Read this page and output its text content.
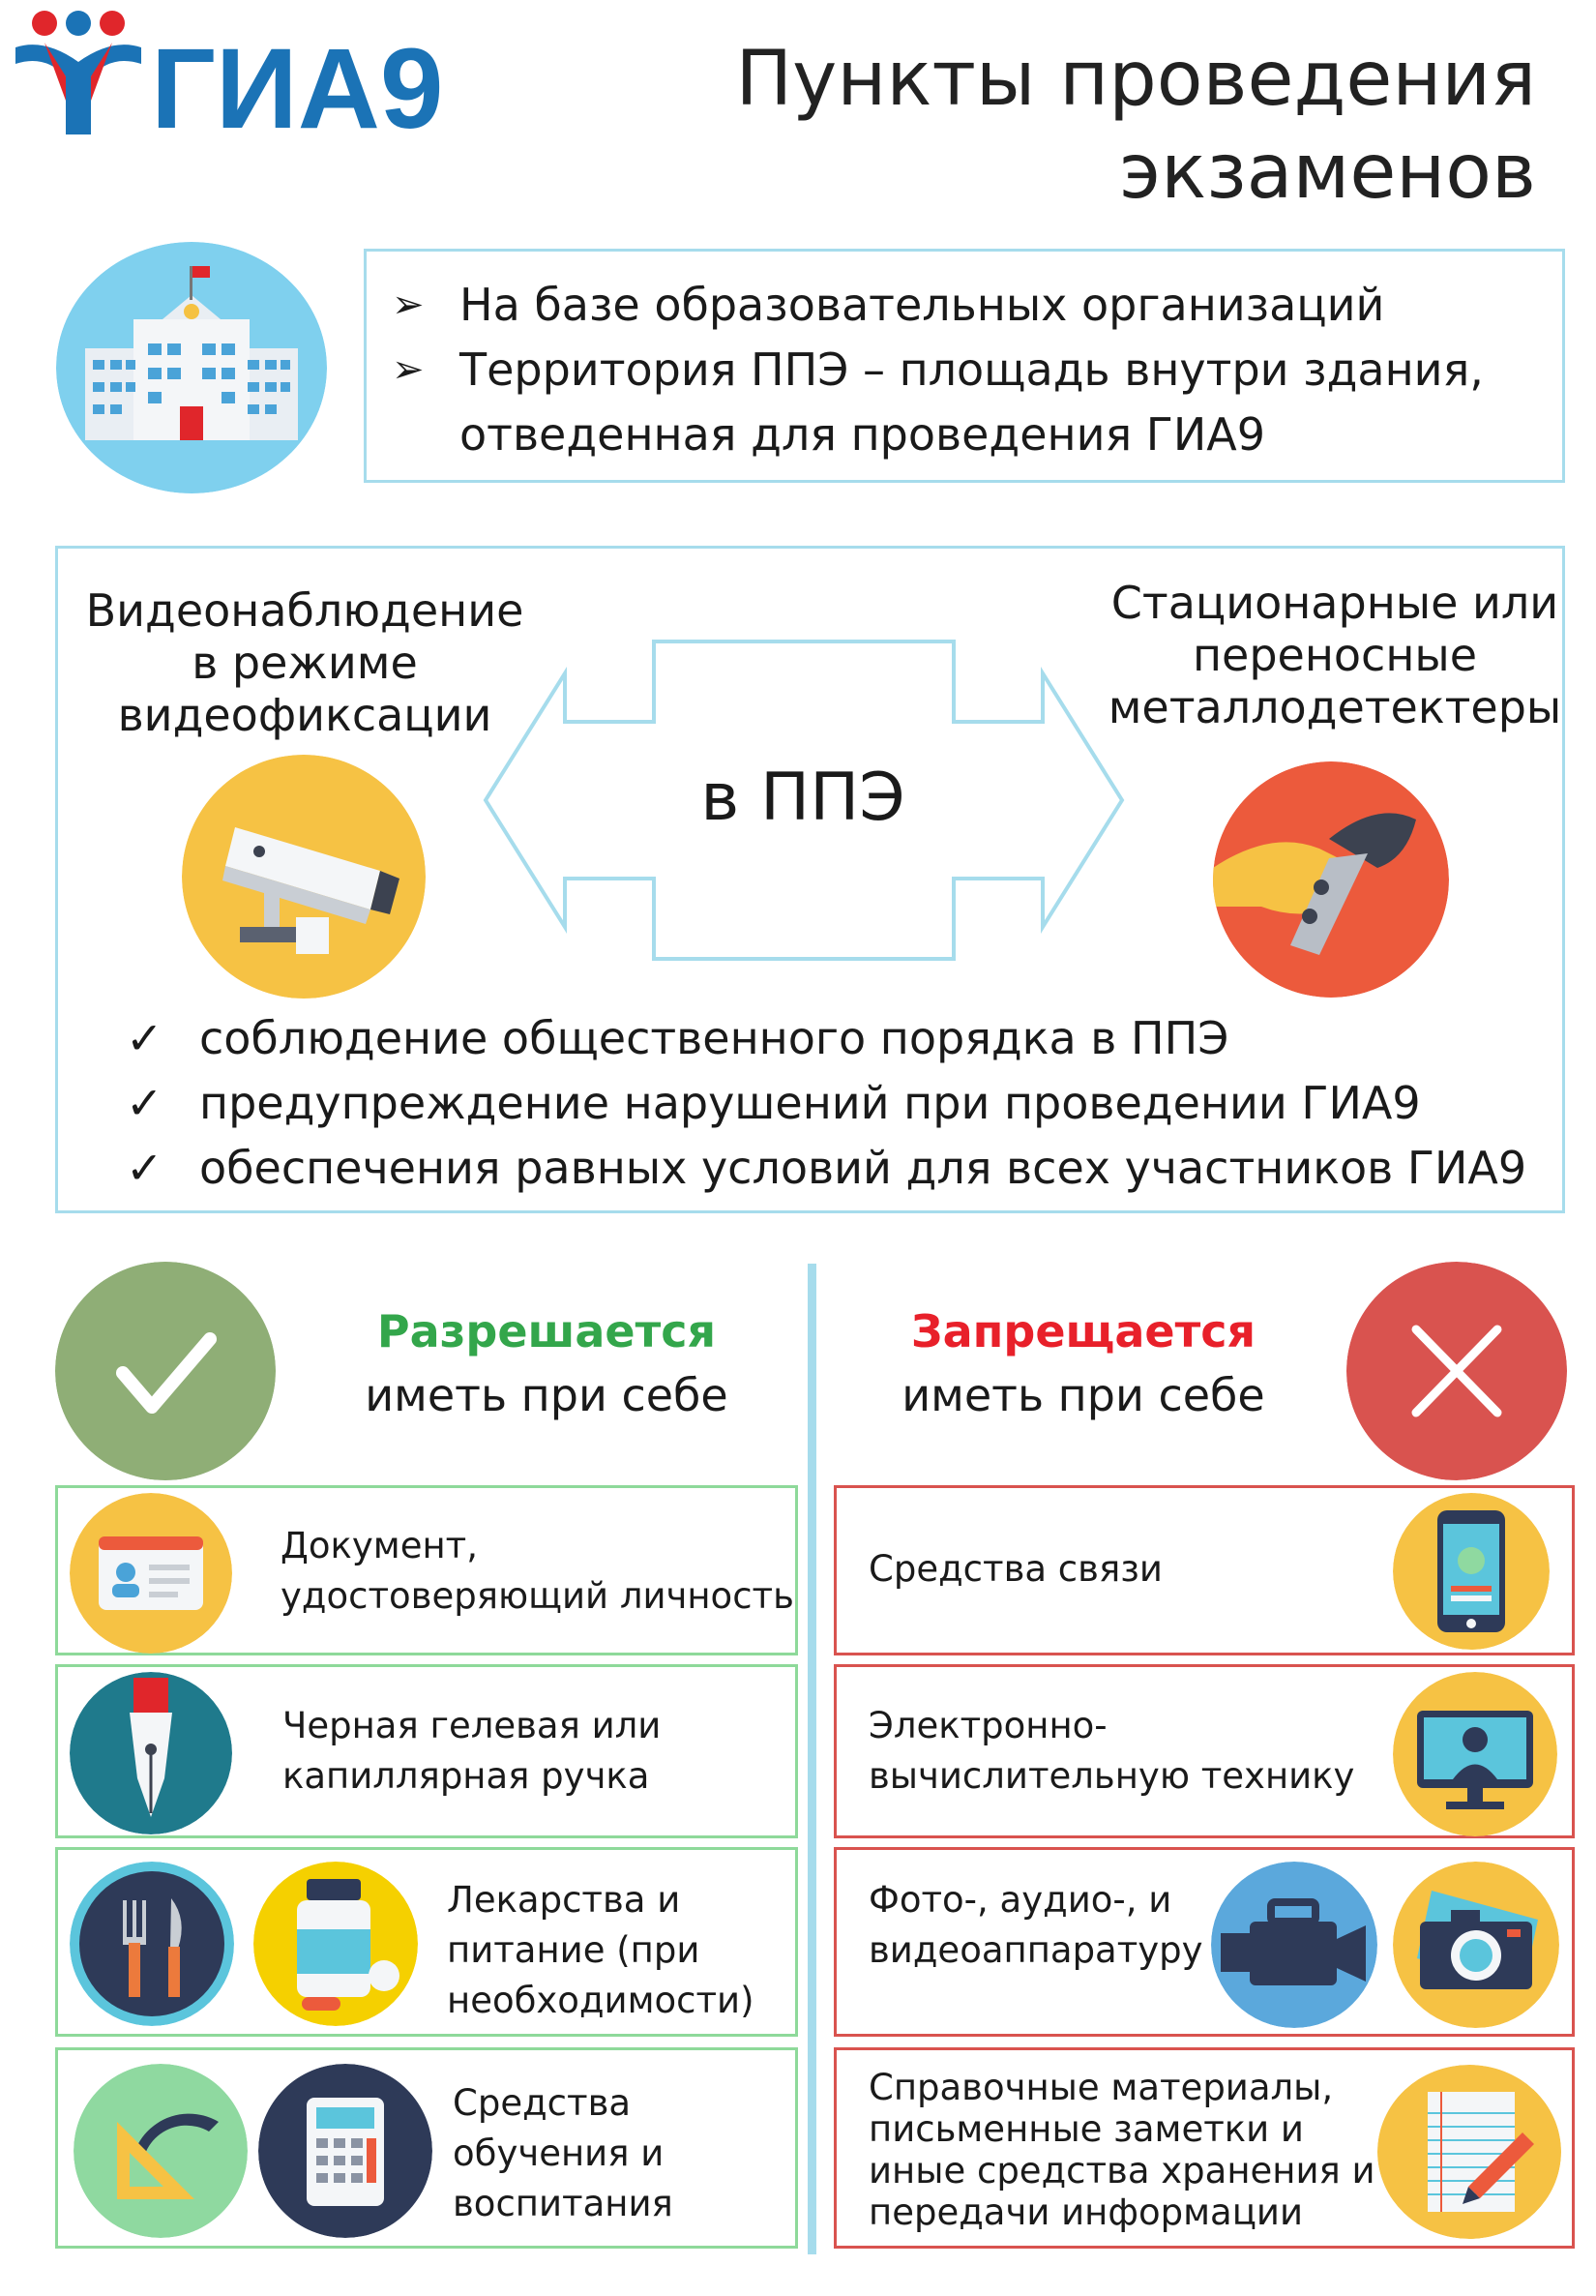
ГИА9	Пункты проведения
экзаменов
➢ На базе образовательных организаций
➢ Территория ППЭ – площадь внутри здания, отведенная для проведения ГИА9
Видеонаблюдение
в режиме
видеофиксации
Стационарные или
переносные
металлодетектеры
в ППЭ
✓ соблюдение общественного порядка в ППЭ
✓ предупреждение нарушений при проведении ГИА9
✓ обеспечения равных условий для всех участников ГИА9
Разрешается
иметь при себе
Запрещается
иметь при себе
Документ,
удостоверяющий личность
Черная гелевая или
капиллярная ручка
Лекарства и
питание (при
необходимости)
Средства
обучения и
воспитания
Средства связи
Электронно-
вычислительную технику
Фото-, аудио-, и
видеоаппаратуру
Справочные материалы,
письменные заметки и
иные средства хранения и
передачи информации
